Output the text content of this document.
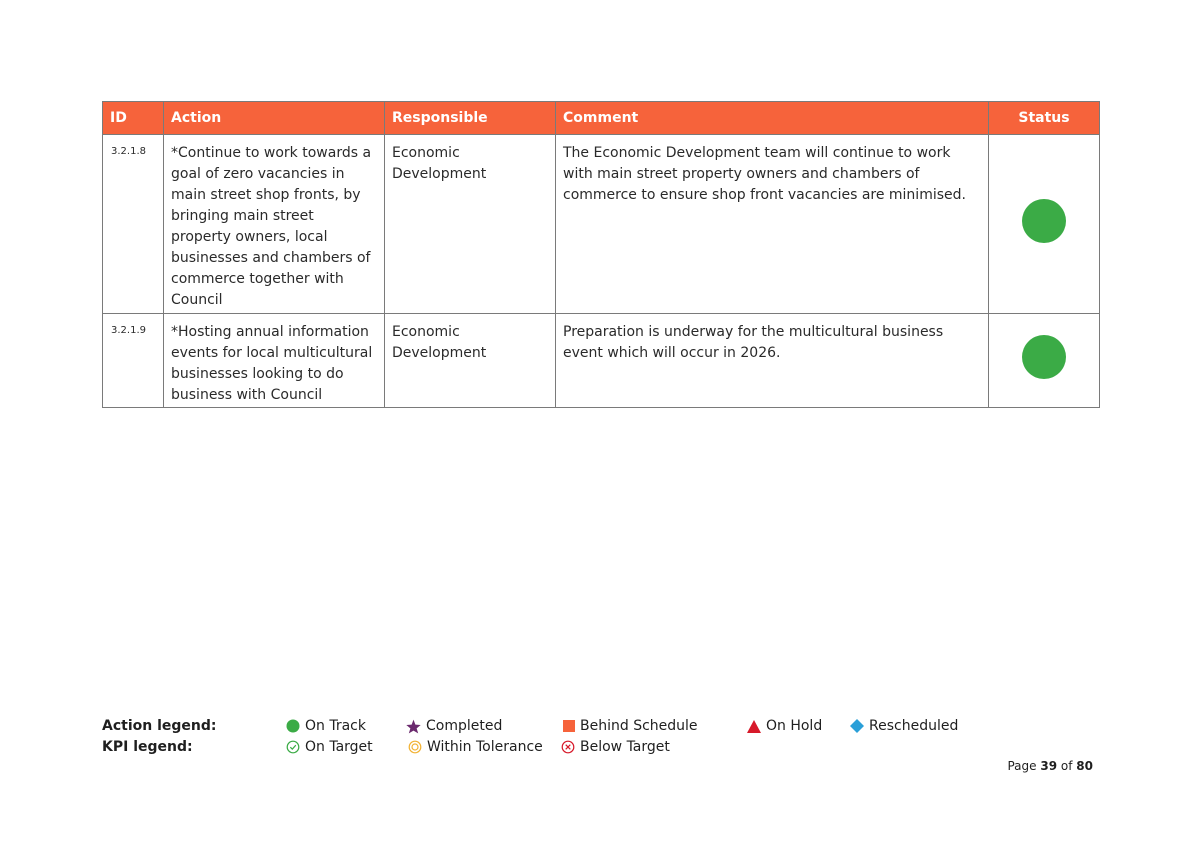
ID	Action	Responsible	Comment	Status
3.2.1.8	*Continue to work towards a goal of zero vacancies in main street shop fronts, by bringing main street property owners, local businesses and chambers of commerce together with Council	Economic Development	The Economic Development team will continue to work with main street property owners and chambers of commerce to ensure shop front vacancies are minimised.	
3.2.1.9	*Hosting annual information events for local multicultural businesses looking to do business with Council	Economic Development	Preparation is underway for the multicultural business event which will occur in 2026.	
Action legend:
KPI legend:
On Track	Completed	Behind Schedule	On Hold	Rescheduled
On Target	Within Tolerance	Below Target
Page 39 of 80
